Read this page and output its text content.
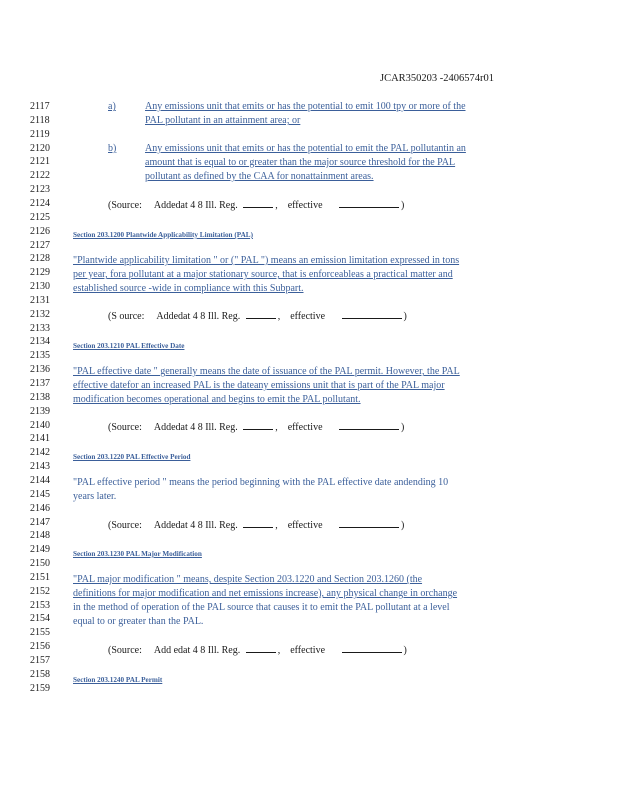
JCAR350203 -2406574r01
2117
2118
2119
2120
2121
2122
2123
2124
2125
2126
2127
2128
2129
2130
2131
2132
2133
2134
2135
2136
2137
2138
2139
2140
2141
2142
2143
2144
2145
2146
2147
2148
2149
2150
2151
2152
2153
2154
2155
2156
2157
2158
2159
a)	Any emissions unit that emits or has the potential to emit 100 tpy or more of the
PAL pollutant in an attainment area; or
b)	Any emissions unit that emits or has the potential to emit the PAL pollutantin an
amount that is equal to or greater than the major source threshold for the PAL
pollutant as defined by the CAA for nonattainment areas.
(Source: Addedat 4 8 Ill. Reg.	, effective	)
Section 203.1200 Plantwide Applicability Limitation (PAL)
"Plantwide applicability limitation " or (" PAL ") means an emission limitation expressed in tons
per year, fora pollutant at a major stationary source, that is enforceableas a practical matter and
established source -wide in compliance with this Subpart.
(S ource: Addedat 4 8 Ill. Reg.	, effective	)
Section 203.1210 PAL Effective Date
"PAL effective date " generally means the date of issuance of the PAL permit. However, the PAL
effective datefor an increased PAL is the dateany emissions unit that is part of the PAL major
modification becomes operational and begins to emit the PAL pollutant.
(Source: Addedat 4 8 Ill. Reg.	, effective	)
Section 203.1220 PAL Effective Period
"PAL effective period " means the period beginning with the PAL effective date andending 10
years later.
(Source: Addedat 4 8 Ill. Reg.	, effective	)
Section 203.1230 PAL Major Modification
"PAL major modification " means, despite Section 203.1220 and Section 203.1260 (the
definitions for major modification and net emissions increase), any physical change in orchange
in the method of operation of the PAL source that causes it to emit the PAL pollutant at a level
equal to or greater than the PAL.
(Source: Add edat 4 8 Ill. Reg.	, effective	)
Section 203.1240 PAL Permit
